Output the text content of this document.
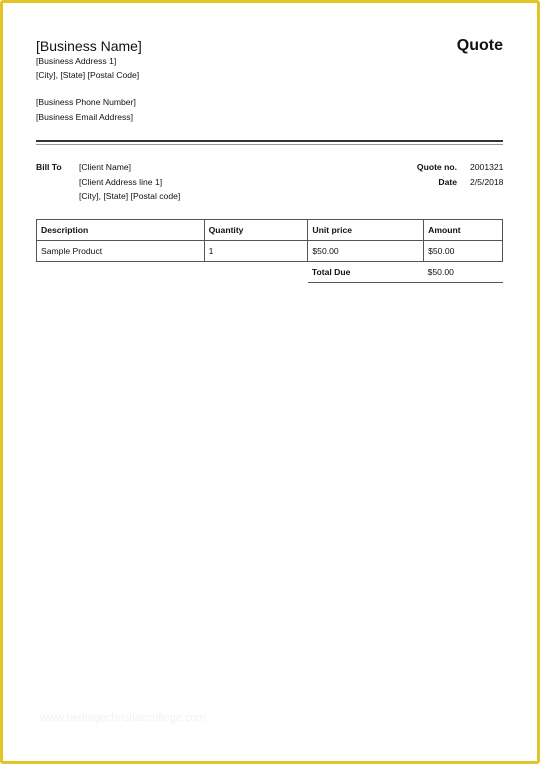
[Business Name]
[Business Address 1]
[City], [State] [Postal Code]
[Business Phone Number]
[Business Email Address]
Quote
Bill To [Client Name]
[Client Address line 1]
[City], [State] [Postal code]
Quote no. 2001321
Date 2/5/2018
Description	Quantity	Unit price	Amount
Sample Product	1	$50.00	$50.00
		Total Due	$50.00
www.heritagechristiancollege.com
